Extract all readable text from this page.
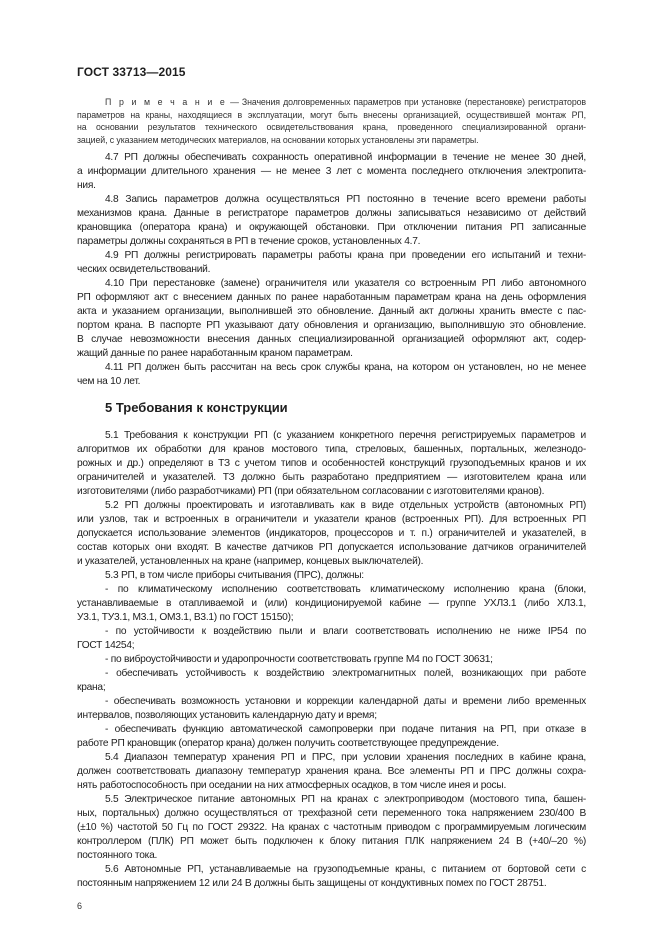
ГОСТ 33713—2015
П р и м е ч а н и е — Значения долговременных параметров при установке (перестановке) регистраторов
параметров на краны, находящиеся в эксплуатации, могут быть внесены организацией, осуществившей монтаж РП,
на основании результатов технического освидетельствования крана, проведенного специализированной органи-
зацией, с указанием методических материалов, на основании которых установлены эти параметры.
4.7 РП должны обеспечивать сохранность оперативной информации в течение не менее 30 дней,
а информации длительного хранения — не менее 3 лет с момента последнего отключения электропита-
ния.
4.8 Запись параметров должна осуществляться РП постоянно в течение всего времени работы
механизмов крана. Данные в регистраторе параметров должны записываться независимо от действий
крановщика (оператора крана) и окружающей обстановки. При отключении питания РП записанные
параметры должны сохраняться в РП в течение сроков, установленных 4.7.
4.9 РП должны регистрировать параметры работы крана при проведении его испытаний и техни-
ческих освидетельствований.
4.10 При перестановке (замене) ограничителя или указателя со встроенным РП либо автономного
РП оформляют акт с внесением данных по ранее наработанным параметрам крана на день оформления
акта и указанием организации, выполнившей это обновление. Данный акт должны хранить вместе с пас-
портом крана. В паспорте РП указывают дату обновления и организацию, выполнившую это обновление.
В случае невозможности внесения данных специализированной организацией оформляют акт, содер-
жащий данные по ранее наработанным краном параметрам.
4.11 РП должен быть рассчитан на весь срок службы крана, на котором он установлен, но не менее
чем на 10 лет.
5 Требования к конструкции
5.1 Требования к конструкции РП (с указанием конкретного перечня регистрируемых параметров и
алгоритмов их обработки для кранов мостового типа, стреловых, башенных, портальных, железнодо-
рожных и др.) определяют в ТЗ с учетом типов и особенностей конструкций грузоподъемных кранов и их
ограничителей и указателей. ТЗ должно быть разработано предприятием — изготовителем крана или
изготовителями (либо разработчиками) РП (при обязательном согласовании с изготовителями кранов).
5.2 РП должны проектировать и изготавливать как в виде отдельных устройств (автономных РП)
или узлов, так и встроенных в ограничители и указатели кранов (встроенных РП). Для встроенных РП
допускается использование элементов (индикаторов, процессоров и т. п.) ограничителей и указателей, в
состав которых они входят. В качестве датчиков РП допускается использование датчиков ограничителей
и указателей, установленных на кране (например, концевых выключателей).
5.3 РП, в том числе приборы считывания (ПРС), должны:
- по климатическому исполнению соответствовать климатическому исполнению крана (блоки,
устанавливаемые в отапливаемой и (или) кондиционируемой кабине — группе УХЛ3.1 (либо ХЛ3.1,
У3.1, ТУ3.1, М3.1, ОМ3.1, В3.1) по ГОСТ 15150);
- по устойчивости к воздействию пыли и влаги соответствовать исполнению не ниже IP54 по
ГОСТ 14254;
- по виброустойчивости и ударопрочности соответствовать группе М4 по ГОСТ 30631;
- обеспечивать устойчивость к воздействию электромагнитных полей, возникающих при работе
крана;
- обеспечивать возможность установки и коррекции календарной даты и времени либо временных
интервалов, позволяющих установить календарную дату и время;
- обеспечивать функцию автоматической самопроверки при подаче питания на РП, при отказе в
работе РП крановщик (оператор крана) должен получить соответствующее предупреждение.
5.4 Диапазон температур хранения РП и ПРС, при условии хранения последних в кабине крана,
должен соответствовать диапазону температур хранения крана. Все элементы РП и ПРС должны сохра-
нять работоспособность при оседании на них атмосферных осадков, в том числе инея и росы.
5.5 Электрическое питание автономных РП на кранах с электроприводом (мостового типа, башен-
ных, портальных) должно осуществляться от трехфазной сети переменного тока напряжением 230/400 В
(±10 %) частотой 50 Гц по ГОСТ 29322. На кранах с частотным приводом с программируемым логическим
контроллером (ПЛК) РП может быть подключен к блоку питания ПЛК напряжением 24 В (+40/–20 %)
постоянного тока.
5.6 Автономные РП, устанавливаемые на грузоподъемные краны, с питанием от бортовой сети с
постоянным напряжением 12 или 24 В должны быть защищены от кондуктивных помех по ГОСТ 28751.
6
